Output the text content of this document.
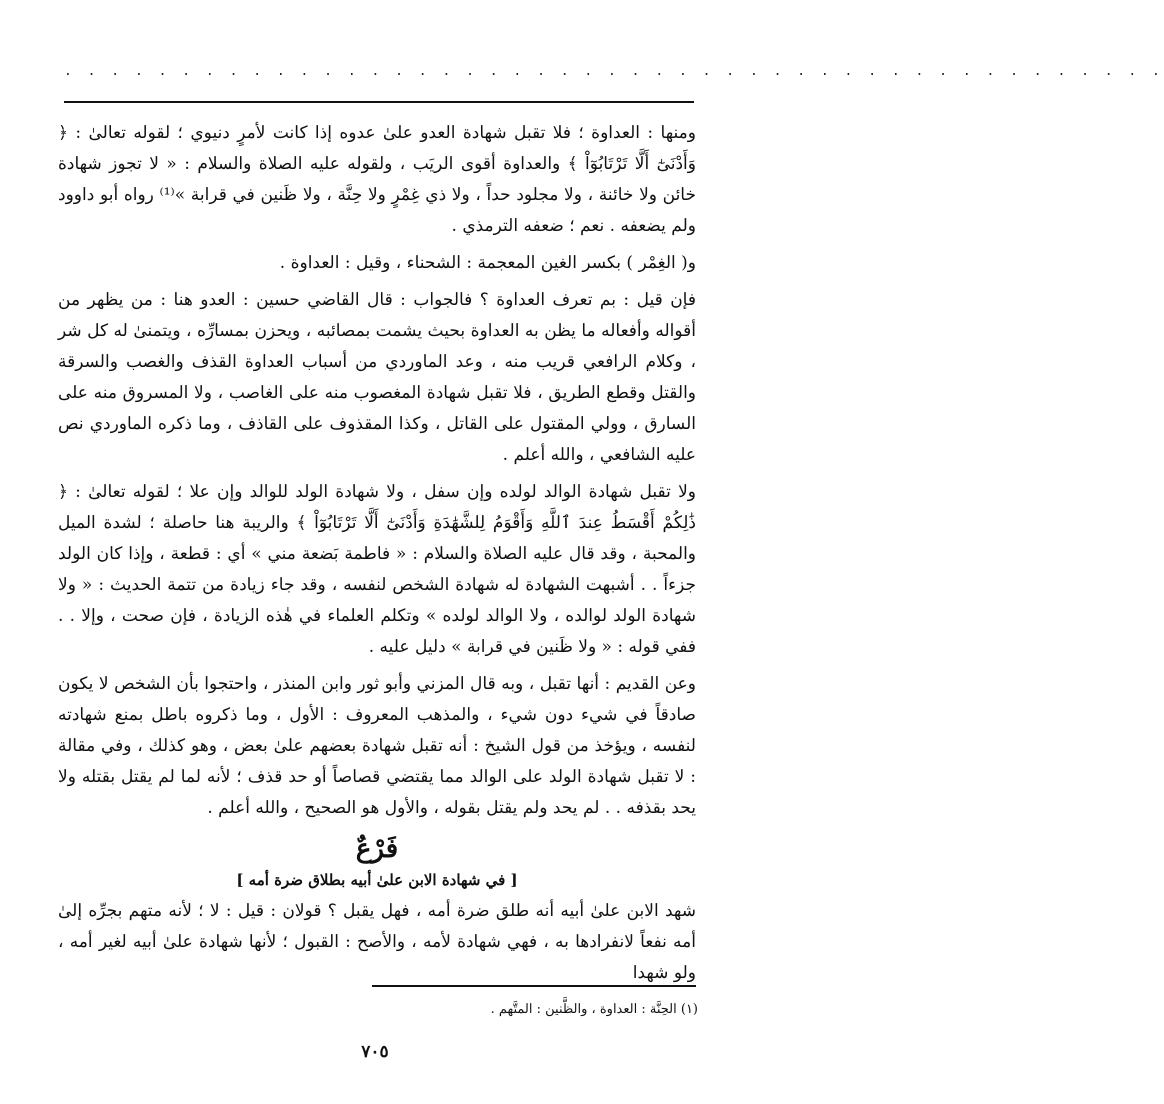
. . . . . . . . . . . . . . . . . . . . . . . . . . . . . . . . . . . . . . . . . . . . . . .

ومنها : العداوة ؛ فلا تقبل شهادة العدو علىٰ عدوه إذا كانت لأمرٍ دنيوي ؛ لقوله تعالىٰ : ﴿ وَأَدْنَىٰٓ أَلَّا تَرْتَابُوٓاْ ﴾ والعداوة أقوى الريَب ، ولقوله عليه الصلاة والسلام : « لا تجوز شهادة خائن ولا خائنة ، ولا مجلود حداً ، ولا ذي غِمْرٍ ولا حِنَّة ، ولا ظَنين في قرابة »⁽¹⁾ رواه أبو داوود ولم يضعفه . نعم ؛ ضعفه الترمذي .

و( الغِمْر ) بكسر الغين المعجمة : الشحناء ، وقيل : العداوة .

فإن قيل : بم تعرف العداوة ؟ فالجواب : قال القاضي حسين : العدو هنا : من يظهر من أقواله وأفعاله ما يظن به العداوة بحيث يشمت بمصائبه ، ويحزن بمسارِّه ، ويتمنىٰ له كل شر ، وكلام الرافعي قريب منه ، وعد الماوردي من أسباب العداوة القذف والغصب والسرقة والقتل وقطع الطريق ، فلا تقبل شهادة المغصوب منه على الغاصب ، ولا المسروق منه على السارق ، وولي المقتول على القاتل ، وكذا المقذوف على القاذف ، وما ذكره الماوردي نص عليه الشافعي ، والله أعلم .

ولا تقبل شهادة الوالد لولده وإن سفل ، ولا شهادة الولد للوالد وإن علا ؛ لقوله تعالىٰ : ﴿ ذَٰلِكُمْ أَقْسَطُ عِندَ ٱللَّهِ وَأَقْوَمُ لِلشَّهَٰدَةِ وَأَدْنَىٰٓ أَلَّا تَرْتَابُوٓاْ ﴾ والريبة هنا حاصلة ؛ لشدة الميل والمحبة ، وقد قال عليه الصلاة والسلام : « فاطمة بَضعة مني » أي : قطعة ، وإذا كان الولد جزءاً . . أشبهت الشهادة له شهادة الشخص لنفسه ، وقد جاء زيادة من تتمة الحديث : « ولا شهادة الولد لوالده ، ولا الوالد لولده » وتكلم العلماء في هٰذه الزيادة ، فإن صحت ، وإلا . . ففي قوله : « ولا ظَنين في قرابة » دليل عليه .

وعن القديم : أنها تقبل ، وبه قال المزني وأبو ثور وابن المنذر ، واحتجوا بأن الشخص لا يكون صادقاً في شيء دون شيء ، والمذهب المعروف : الأول ، وما ذكروه باطل بمنع شهادته لنفسه ، ويؤخذ من قول الشيخ : أنه تقبل شهادة بعضهم علىٰ بعض ، وهو كذلك ، وفي مقالة : لا تقبل شهادة الولد على الوالد مما يقتضي قصاصاً أو حد قذف ؛ لأنه لما لم يقتل بقتله ولا يحد بقذفه . . لم يحد ولم يقتل بقوله ، والأول هو الصحيح ، والله أعلم .

فَرْعٌ
[ في شهادة الابن علىٰ أبيه بطلاق ضرة أمه ]

شهد الابن علىٰ أبيه أنه طلق ضرة أمه ، فهل يقبل ؟ قولان : قيل : لا ؛ لأنه متهم بجرِّه إلىٰ أمه نفعاً لانفرادها به ، فهي شهادة لأمه ، والأصح : القبول ؛ لأنها شهادة علىٰ أبيه لغير أمه ، ولو شهدا

(١) الحِنَّة : العداوة ، والظَّنين : المتَّهم .
٧٠٥
